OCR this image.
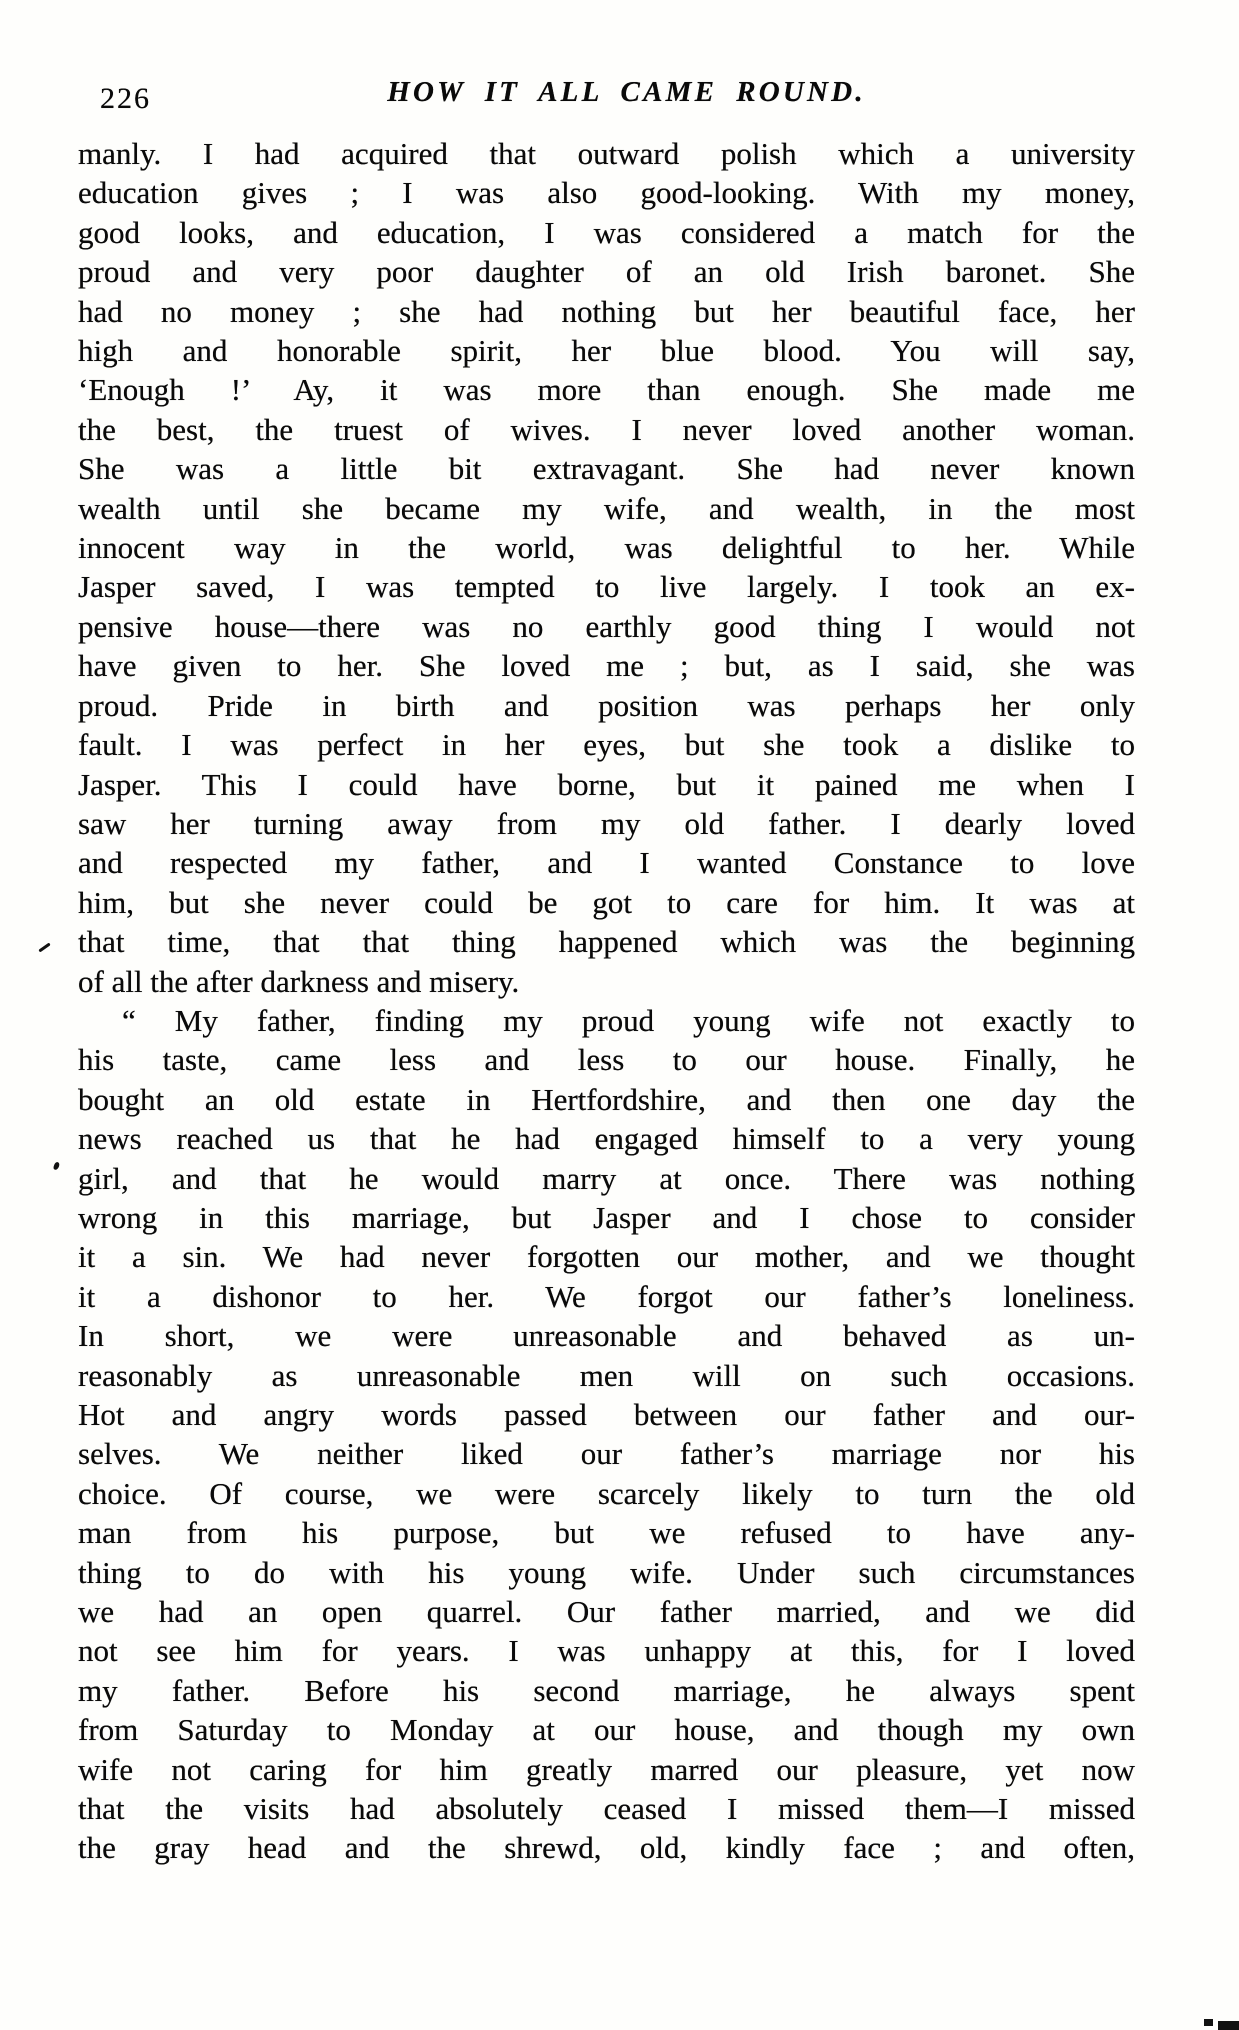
226	HOW IT ALL CAME ROUND.
manly. I had acquired that outward polish which a university
education gives ; I was also good-looking. With my money,
good looks, and education, I was considered a match for the
proud and very poor daughter of an old Irish baronet. She
had no money ; she had nothing but her beautiful face, her
high and honorable spirit, her blue blood. You will say,
‘Enough !’ Ay, it was more than enough. She made me
the best, the truest of wives. I never loved another woman.
She was a little bit extravagant. She had never known
wealth until she became my wife, and wealth, in the most
innocent way in the world, was delightful to her. While
Jasper saved, I was tempted to live largely. I took an ex-
pensive house—there was no earthly good thing I would not
have given to her. She loved me ; but, as I said, she was
proud. Pride in birth and position was perhaps her only
fault. I was perfect in her eyes, but she took a dislike to
Jasper. This I could have borne, but it pained me when I
saw her turning away from my old father. I dearly loved
and respected my father, and I wanted Constance to love
him, but she never could be got to care for him. It was at
that time, that that thing happened which was the beginning
of all the after darkness and misery.
“ My father, finding my proud young wife not exactly to
his taste, came less and less to our house. Finally, he
bought an old estate in Hertfordshire, and then one day the
news reached us that he had engaged himself to a very young
girl, and that he would marry at once. There was nothing
wrong in this marriage, but Jasper and I chose to consider
it a sin. We had never forgotten our mother, and we thought
it a dishonor to her. We forgot our father’s loneliness.
In short, we were unreasonable and behaved as un-
reasonably as unreasonable men will on such occasions.
Hot and angry words passed between our father and our-
selves. We neither liked our father’s marriage nor his
choice. Of course, we were scarcely likely to turn the old
man from his purpose, but we refused to have any-
thing to do with his young wife. Under such circumstances
we had an open quarrel. Our father married, and we did
not see him for years. I was unhappy at this, for I loved
my father. Before his second marriage, he always spent
from Saturday to Monday at our house, and though my own
wife not caring for him greatly marred our pleasure, yet now
that the visits had absolutely ceased I missed them—I missed
the gray head and the shrewd, old, kindly face ; and often,
